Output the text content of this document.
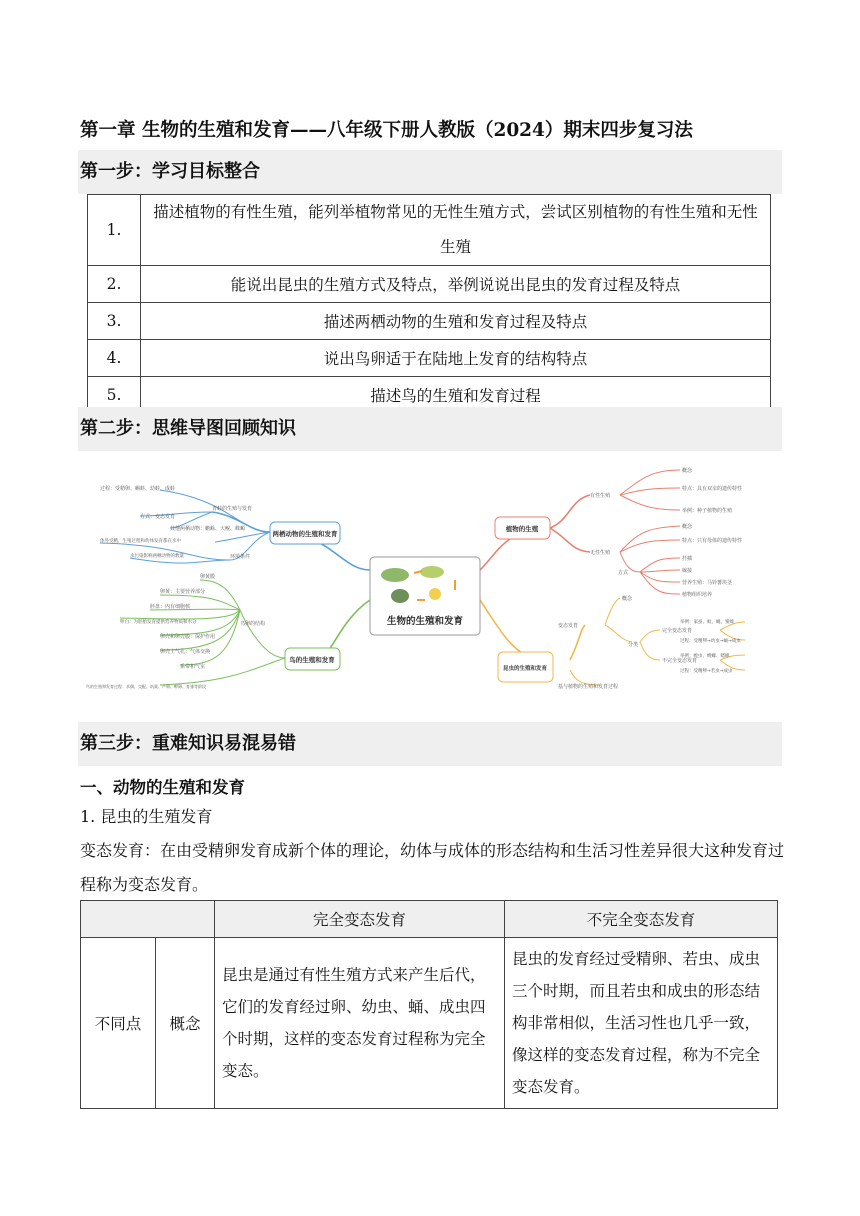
第一章 生物的生殖和发育——八年级下册人教版（2024）期末四步复习法
第一步：学习目标整合
1.	描述植物的有性生殖，能列举植物常见的无性生殖方式，尝试区别植物的有性生殖和无性生殖
2.	能说出昆虫的生殖方式及特点，举例说说出昆虫的发育过程及特点
3.	描述两栖动物的生殖和发育过程及特点
4.	说出鸟卵适于在陆地上发育的结构特点
5.	描述鸟的生殖和发育过程
第二步：思维导图回顾知识
生物的生殖和发育
植物的生殖
两栖动物的生殖和发育
鸟的生殖和发育
昆虫的生殖和发育
有性生殖
无性生殖
概念
特点：具有双亲的遗传特性
举例：种子植物的生殖
概念
特点：只有母体的遗传特性
方式
扦插
嫁接
营养生殖：马铃薯块茎
植物组织培养
变态发育
概念
分类
完全变态发育
不完全变态发育
举例：家蚕、蚊、蝇、蜜蜂
过程：受精卵→幼虫→蛹→成虫
举例：蝗虫、螳螂、蟋蟀
过程：受精卵→若虫→成虫
基与植物的生殖和发育过程
青蛙的生殖与发育
过程：受精卵、蝌蚪、幼蛙、成蛙
方式：变态发育
其他两栖动物：蟾蜍、大鲵、蝾螈
环境条件
体外受精，生殖过程和幼体发育都在水中
水污染影响两栖动物的数量
鸟卵的结构
卵黄膜
卵黄：主要营养部分
胚盘：内有细胞核
卵白：为胚胎发育提供营养物质和水分
卵壳和卵壳膜：保护作用
卵壳上气孔：气体交换
系带和气室
鸟的生殖和发育过程：求偶、交配、筑巢、产卵、孵卵、育雏等阶段
第三步：重难知识易混易错
一、动物的生殖和发育
1. 昆虫的生殖发育
变态发育：在由受精卵发育成新个体的理论，幼体与成体的形态结构和生活习性差异很大这种发育过程称为变态发育。
		完全变态发育	不完全变态发育
不同点	概念	昆虫是通过有性生殖方式来产生后代，它们的发育经过卵、幼虫、蛹、成虫四个时期，这样的变态发育过程称为完全变态。	昆虫的发育经过受精卵、若虫、成虫三个时期，而且若虫和成虫的形态结构非常相似，生活习性也几乎一致，像这样的变态发育过程，称为不完全变态发育。
